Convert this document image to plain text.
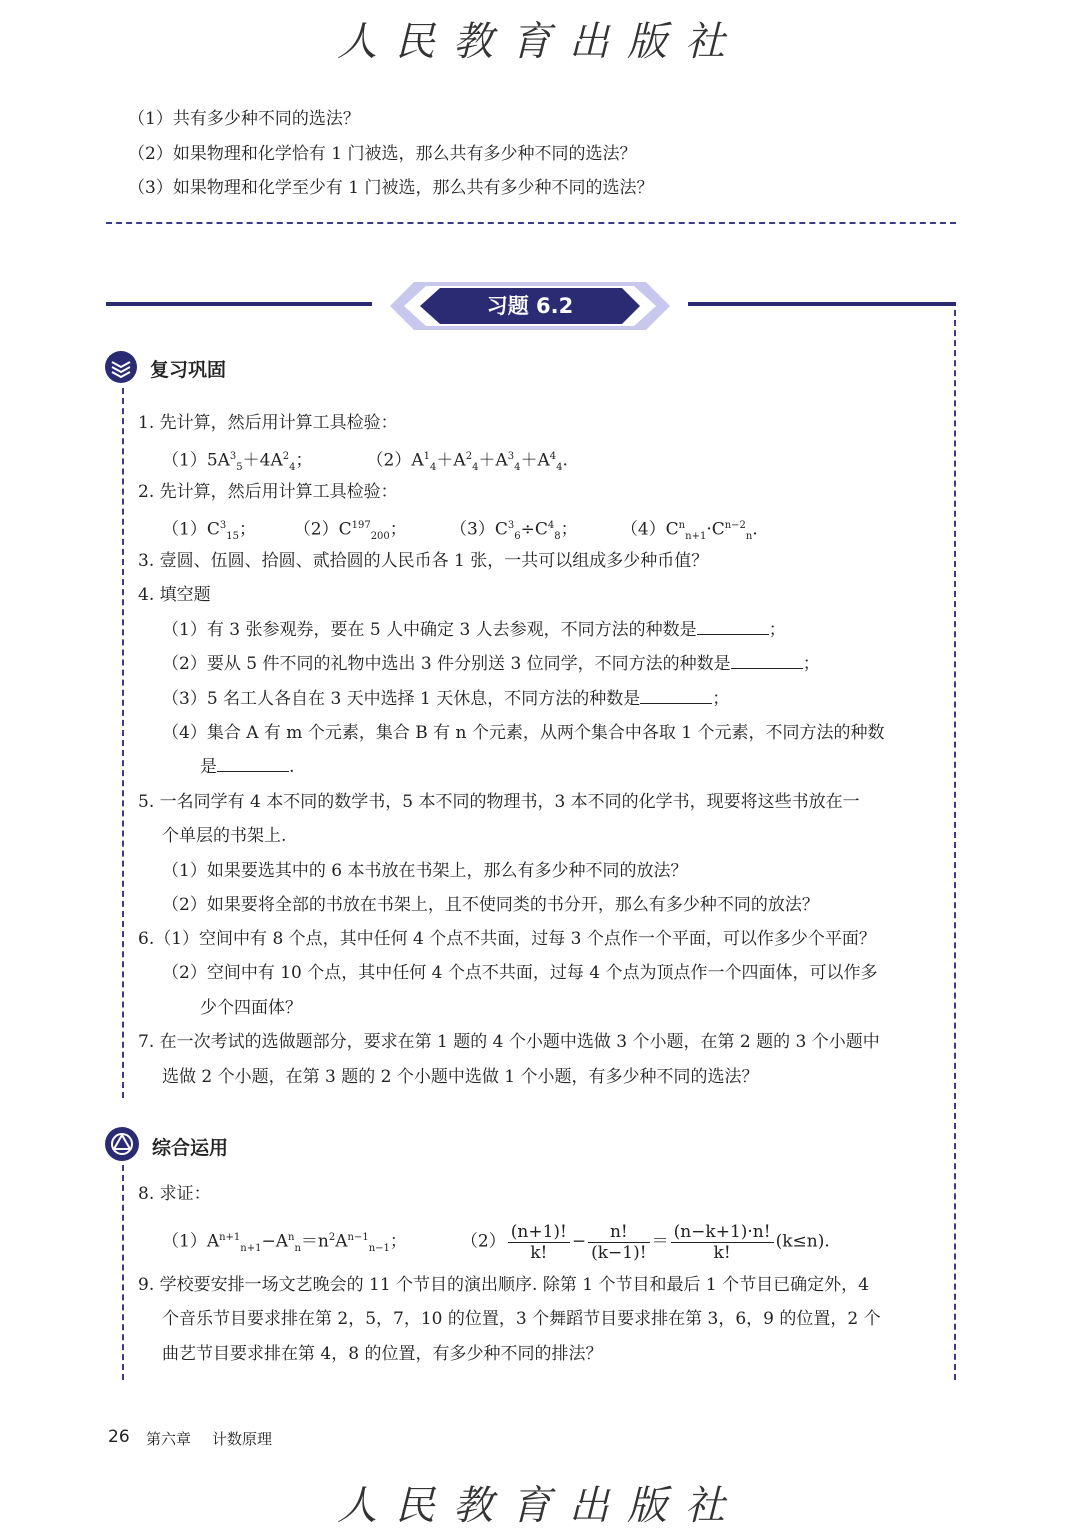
人民教育出版社
（1）共有多少种不同的选法？
（2）如果物理和化学恰有 1 门被选，那么共有多少种不同的选法？
（3）如果物理和化学至少有 1 门被选，那么共有多少种不同的选法？
习题 6.2
复习巩固
1. 先计算，然后用计算工具检验：
$(1)5A^3_5+4A^2_4$；          $(2)A^1_4+A^2_4+A^3_4+A^4_4$.
2. 先计算，然后用计算工具检验：
$(1)C^3_{15}$；       $(2)C^{197}_{200}$；        $(3)C^3_6\div C^4_8$；        $(4)C^n_{n+1}\cdot C^{n-2}_n$.
3. 壹圆、伍圆、拾圆、贰拾圆的人民币各 1 张，一共可以组成多少种币值？
4. 填空题
（1）有 3 张参观券，要在 5 人中确定 3 人去参观，不同方法的种数是	；
（2）要从 5 件不同的礼物中选出 3 件分别送 3 位同学，不同方法的种数是	；
（3）5 名工人各自在 3 天中选择 1 天休息，不同方法的种数是	；
（4）集合 A 有 m 个元素，集合 B 有 n 个元素，从两个集合中各取 1 个元素，不同方法的种数
是	.
5. 一名同学有 4 本不同的数学书，5 本不同的物理书，3 本不同的化学书，现要将这些书放在一
个单层的书架上.
（1）如果要选其中的 6 本书放在书架上，那么有多少种不同的放法？
（2）如果要将全部的书放在书架上，且不使同类的书分开，那么有多少种不同的放法？
6.（1）空间中有 8 个点，其中任何 4 个点不共面，过每 3 个点作一个平面，可以作多少个平面？
（2）空间中有 10 个点，其中任何 4 个点不共面，过每 4 个点为顶点作一个四面体，可以作多
少个四面体？
7. 在一次考试的选做题部分，要求在第 1 题的 4 个小题中选做 3 个小题，在第 2 题的 3 个小题中
选做 2 个小题，在第 3 题的 2 个小题中选做 1 个小题，有多少种不同的选法？
综合运用
8. 求证：
$(1)A^{n+1}_{n+1}-A^n_n=n^2A^{n-1}_{n-1}$；          $(2) \frac{(n+1)!}{k!} - \frac{n!}{(k-1)!} = \frac{(n-k+1)\cdot n!}{k!} (k\le n)$.
9. 学校要安排一场文艺晚会的 11 个节目的演出顺序. 除第 1 个节目和最后 1 个节目已确定外，4
个音乐节目要求排在第 2，5，7，10 的位置，3 个舞蹈节目要求排在第 3，6，9 的位置，2 个
曲艺节目要求排在第 4，8 的位置，有多少种不同的排法？
26 第六章 计数原理
人民教育出版社
